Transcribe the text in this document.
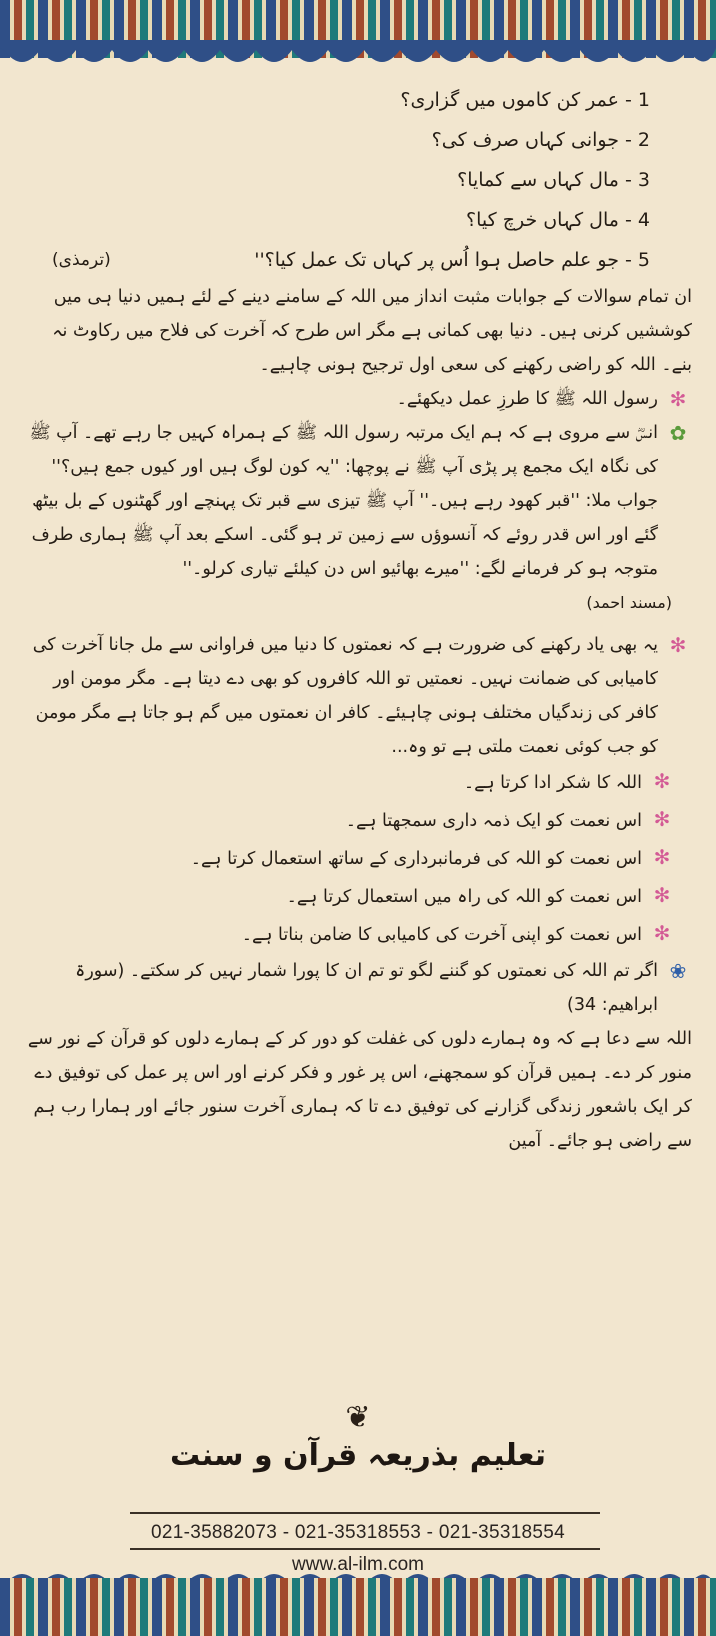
1 - عمر کن کاموں میں گزاری؟
2 - جوانی کہاں صرف کی؟
3 - مال کہاں سے کمایا؟
4 - مال کہاں خرچ کیا؟
5 - جو علم حاصل ہوا اُس پر کہاں تک عمل کیا؟''
(ترمذی)
ان تمام سوالات کے جوابات مثبت انداز میں اللہ کے سامنے دینے کے لئے ہمیں دنیا ہی میں کوششیں کرنی ہیں۔ دنیا بھی کمانی ہے مگر اس طرح کہ آخرت کی فلاح میں رکاوٹ نہ بنے۔ اللہ کو راضی رکھنے کی سعی اول ترجیح ہونی چاہیے۔
✻
رسول اللہ ﷺ کا طرزِ عمل دیکھئے۔
✿
انسؓ سے مروی ہے کہ ہم ایک مرتبہ رسول اللہ ﷺ کے ہمراہ کہیں جا رہے تھے۔ آپ ﷺ کی نگاہ ایک مجمع پر پڑی آپ ﷺ نے پوچھا: ''یہ کون لوگ ہیں اور کیوں جمع ہیں؟'' جواب ملا: ''قبر کھود رہے ہیں۔'' آپ ﷺ تیزی سے قبر تک پہنچے اور گھٹنوں کے بل بیٹھ گئے اور اس قدر روئے کہ آنسوؤں سے زمین تر ہو گئی۔ اسکے بعد آپ ﷺ ہماری طرف متوجہ ہو کر فرمانے لگے: ''میرے بھائیو اس دن کیلئے تیاری کرلو۔''
(مسند احمد)
✻
یہ بھی یاد رکھنے کی ضرورت ہے کہ نعمتوں کا دنیا میں فراوانی سے مل جانا آخرت کی کامیابی کی ضمانت نہیں۔ نعمتیں تو اللہ کافروں کو بھی دے دیتا ہے۔ مگر مومن اور کافر کی زندگیاں مختلف ہونی چاہیئے۔ کافر ان نعمتوں میں گم ہو جاتا ہے مگر مومن کو جب کوئی نعمت ملتی ہے تو وہ...
✻
اللہ کا شکر ادا کرتا ہے۔
✻
اس نعمت کو ایک ذمہ داری سمجھتا ہے۔
✻
اس نعمت کو اللہ کی فرمانبرداری کے ساتھ استعمال کرتا ہے۔
✻
اس نعمت کو اللہ کی راہ میں استعمال کرتا ہے۔
✻
اس نعمت کو اپنی آخرت کی کامیابی کا ضامن بناتا ہے۔
❀
اگر تم اللہ کی نعمتوں کو گننے لگو تو تم ان کا پورا شمار نہیں کر سکتے۔ (سورۃ ابراھیم: 34)
اللہ سے دعا ہے کہ وہ ہمارے دلوں کی غفلت کو دور کر کے ہمارے دلوں کو قرآن کے نور سے منور کر دے۔ ہمیں قرآن کو سمجھنے، اس پر غور و فکر کرنے اور اس پر عمل کی توفیق دے کر ایک باشعور زندگی گزارنے کی توفیق دے تا کہ ہماری آخرت سنور جائے اور ہمارا رب ہم سے راضی ہو جائے۔ آمین
❦
تعلیم بذریعہ قرآن و سنت
021-35882073 - 021-35318553 - 021-35318554
www.al-ilm.com
